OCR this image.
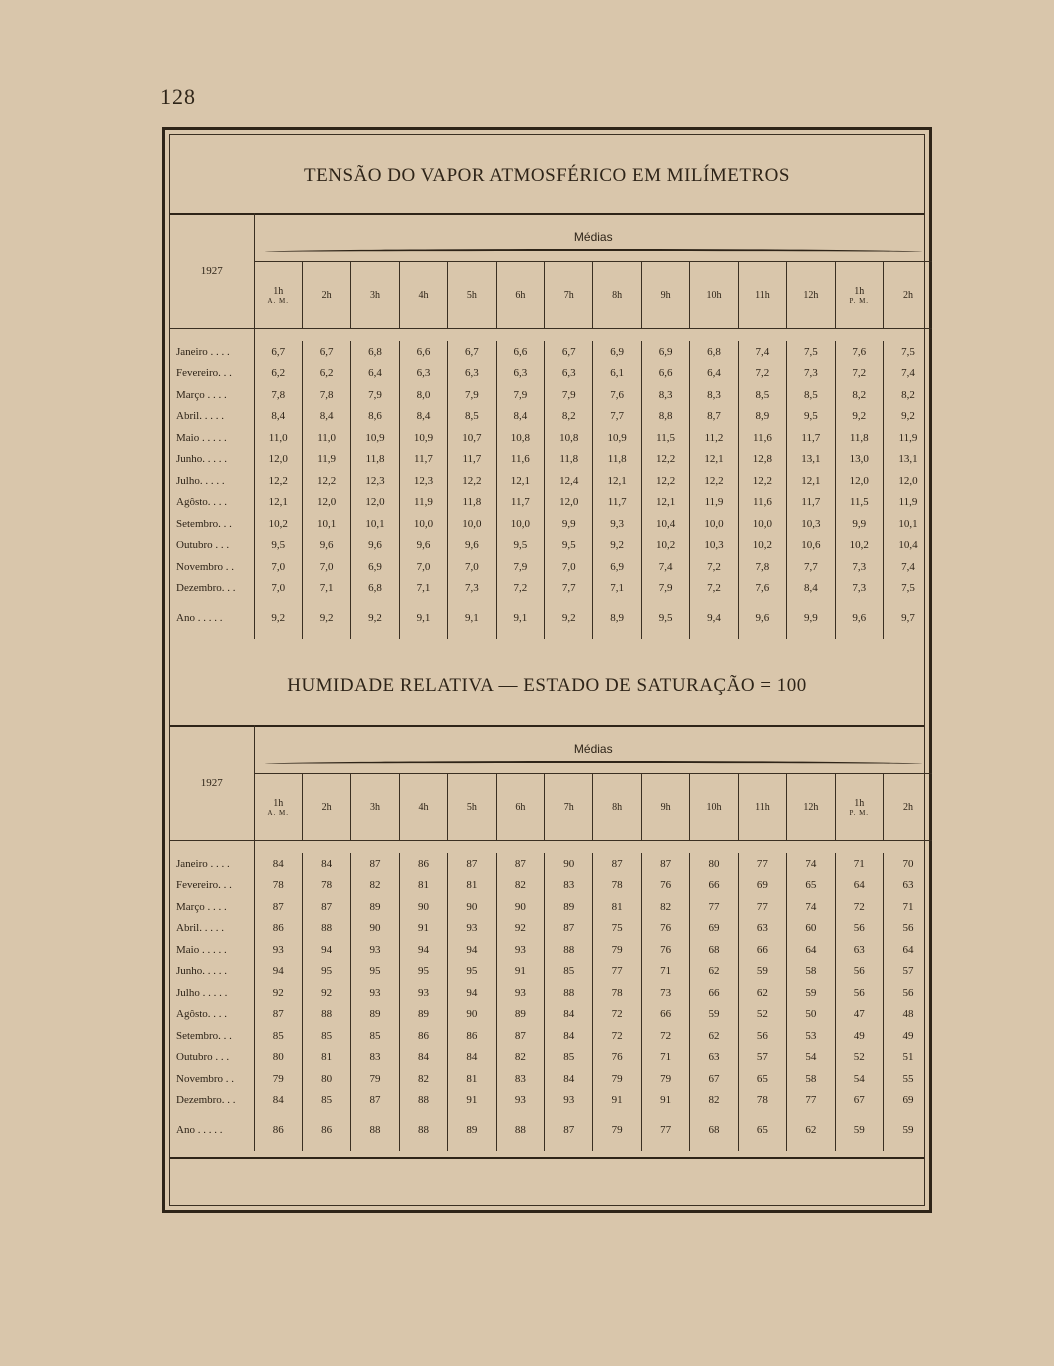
128
TENSÃO DO VAPOR ATMOSFÉRICO EM MILÍMETROS
1927	Médias													

	1h
A. M.	2h	3h	4h	5h	6h	7h	8h	9h	10h	11h	12h	1h
P. M.	2h

Janeiro . . . .	6,7	6,7	6,8	6,6	6,7	6,6	6,7	6,9	6,9	6,8	7,4	7,5	7,6	7,5
Fevereiro. . .	6,2	6,2	6,4	6,3	6,3	6,3	6,3	6,1	6,6	6,4	7,2	7,3	7,2	7,4
Março . . . .	7,8	7,8	7,9	8,0	7,9	7,9	7,9	7,6	8,3	8,3	8,5	8,5	8,2	8,2
Abril. . . . .	8,4	8,4	8,6	8,4	8,5	8,4	8,2	7,7	8,8	8,7	8,9	9,5	9,2	9,2
Maio . . . . .	11,0	11,0	10,9	10,9	10,7	10,8	10,8	10,9	11,5	11,2	11,6	11,7	11,8	11,9
Junho. . . . .	12,0	11,9	11,8	11,7	11,7	11,6	11,8	11,8	12,2	12,1	12,8	13,1	13,0	13,1
Julho. . . . .	12,2	12,2	12,3	12,3	12,2	12,1	12,4	12,1	12,2	12,2	12,2	12,1	12,0	12,0
Agôsto. . . .	12,1	12,0	12,0	11,9	11,8	11,7	12,0	11,7	12,1	11,9	11,6	11,7	11,5	11,9
Setembro. . .	10,2	10,1	10,1	10,0	10,0	10,0	9,9	9,3	10,4	10,0	10,0	10,3	9,9	10,1
Outubro . . .	9,5	9,6	9,6	9,6	9,6	9,5	9,5	9,2	10,2	10,3	10,2	10,6	10,2	10,4
Novembro . .	7,0	7,0	6,9	7,0	7,0	7,9	7,0	6,9	7,4	7,2	7,8	7,7	7,3	7,4
Dezembro. . .	7,0	7,1	6,8	7,1	7,3	7,2	7,7	7,1	7,9	7,2	7,6	8,4	7,3	7,5

Ano . . . . .	9,2	9,2	9,2	9,1	9,1	9,1	9,2	8,9	9,5	9,4	9,6	9,9	9,6	9,7

HUMIDADE RELATIVA — ESTADO DE SATURAÇÃO = 100
1927	Médias													

	1h
A. M.	2h	3h	4h	5h	6h	7h	8h	9h	10h	11h	12h	1h
P. M.	2h

Janeiro . . . .	84	84	87	86	87	87	90	87	87	80	77	74	71	70
Fevereiro. . .	78	78	82	81	81	82	83	78	76	66	69	65	64	63
Março . . . .	87	87	89	90	90	90	89	81	82	77	77	74	72	71
Abril. . . . .	86	88	90	91	93	92	87	75	76	69	63	60	56	56
Maio . . . . .	93	94	93	94	94	93	88	79	76	68	66	64	63	64
Junho. . . . .	94	95	95	95	95	91	85	77	71	62	59	58	56	57
Julho . . . . .	92	92	93	93	94	93	88	78	73	66	62	59	56	56
Agôsto. . . .	87	88	89	89	90	89	84	72	66	59	52	50	47	48
Setembro. . .	85	85	85	86	86	87	84	72	72	62	56	53	49	49
Outubro . . .	80	81	83	84	84	82	85	76	71	63	57	54	52	51
Novembro . .	79	80	79	82	81	83	84	79	79	67	65	58	54	55
Dezembro. . .	84	85	87	88	91	93	93	91	91	82	78	77	67	69

Ano . . . . .	86	86	88	88	89	88	87	79	77	68	65	62	59	59
